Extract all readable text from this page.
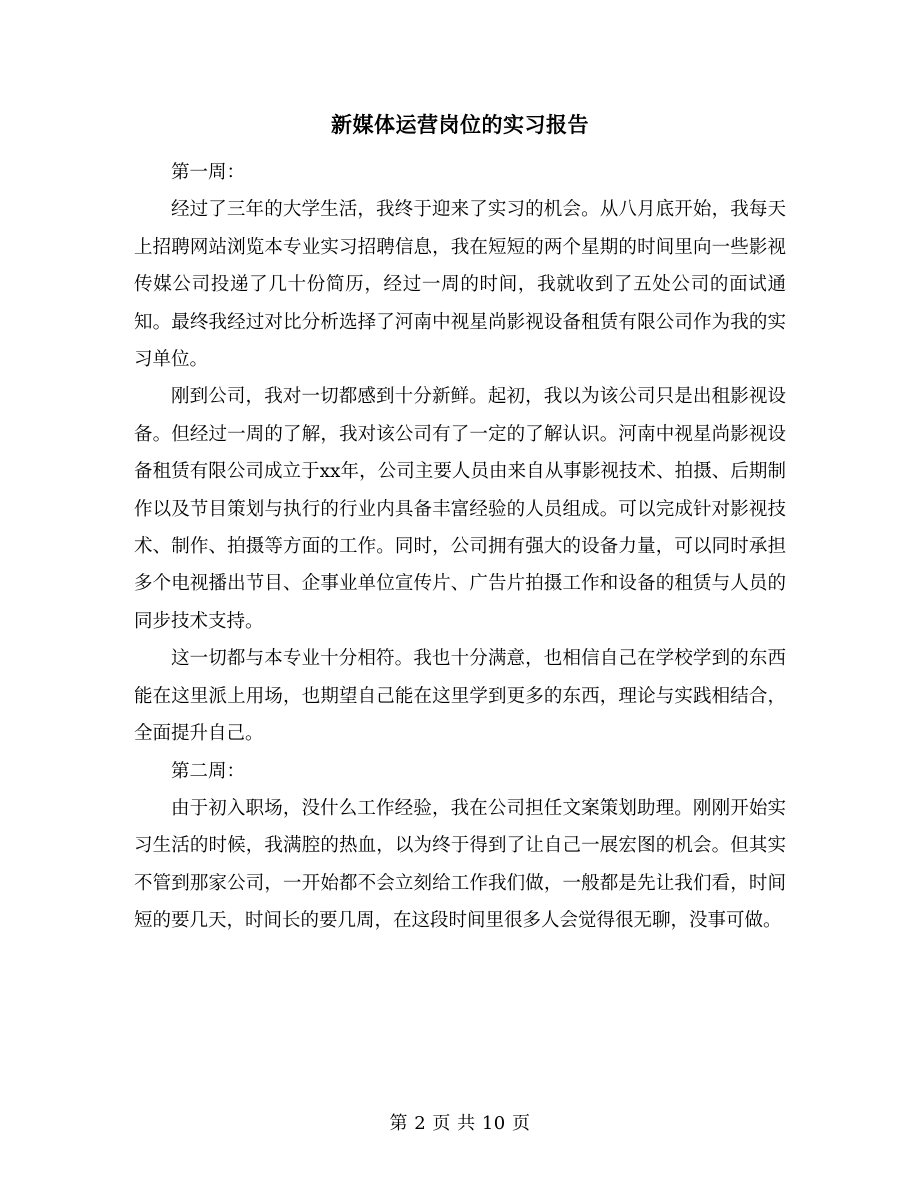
新媒体运营岗位的实习报告

第一周：

经过了三年的大学生活，我终于迎来了实习的机会。从八月底开始，我每天上招聘网站浏览本专业实习招聘信息，我在短短的两个星期的时间里向一些影视传媒公司投递了几十份简历，经过一周的时间，我就收到了五处公司的面试通知。最终我经过对比分析选择了河南中视星尚影视设备租赁有限公司作为我的实习单位。

刚到公司，我对一切都感到十分新鲜。起初，我以为该公司只是出租影视设备。但经过一周的了解，我对该公司有了一定的了解认识。河南中视星尚影视设备租赁有限公司成立于xx年，公司主要人员由来自从事影视技术、拍摄、后期制作以及节目策划与执行的行业内具备丰富经验的人员组成。可以完成针对影视技术、制作、拍摄等方面的工作。同时，公司拥有强大的设备力量，可以同时承担多个电视播出节目、企事业单位宣传片、广告片拍摄工作和设备的租赁与人员的同步技术支持。

这一切都与本专业十分相符。我也十分满意，也相信自己在学校学到的东西能在这里派上用场，也期望自己能在这里学到更多的东西，理论与实践相结合，全面提升自己。

第二周：

由于初入职场，没什么工作经验，我在公司担任文案策划助理。刚刚开始实习生活的时候，我满腔的热血，以为终于得到了让自己一展宏图的机会。但其实不管到那家公司，一开始都不会立刻给工作我们做，一般都是先让我们看，时间短的要几天，时间长的要几周，在这段时间里很多人会觉得很无聊，没事可做。

第 2 页 共 10 页
